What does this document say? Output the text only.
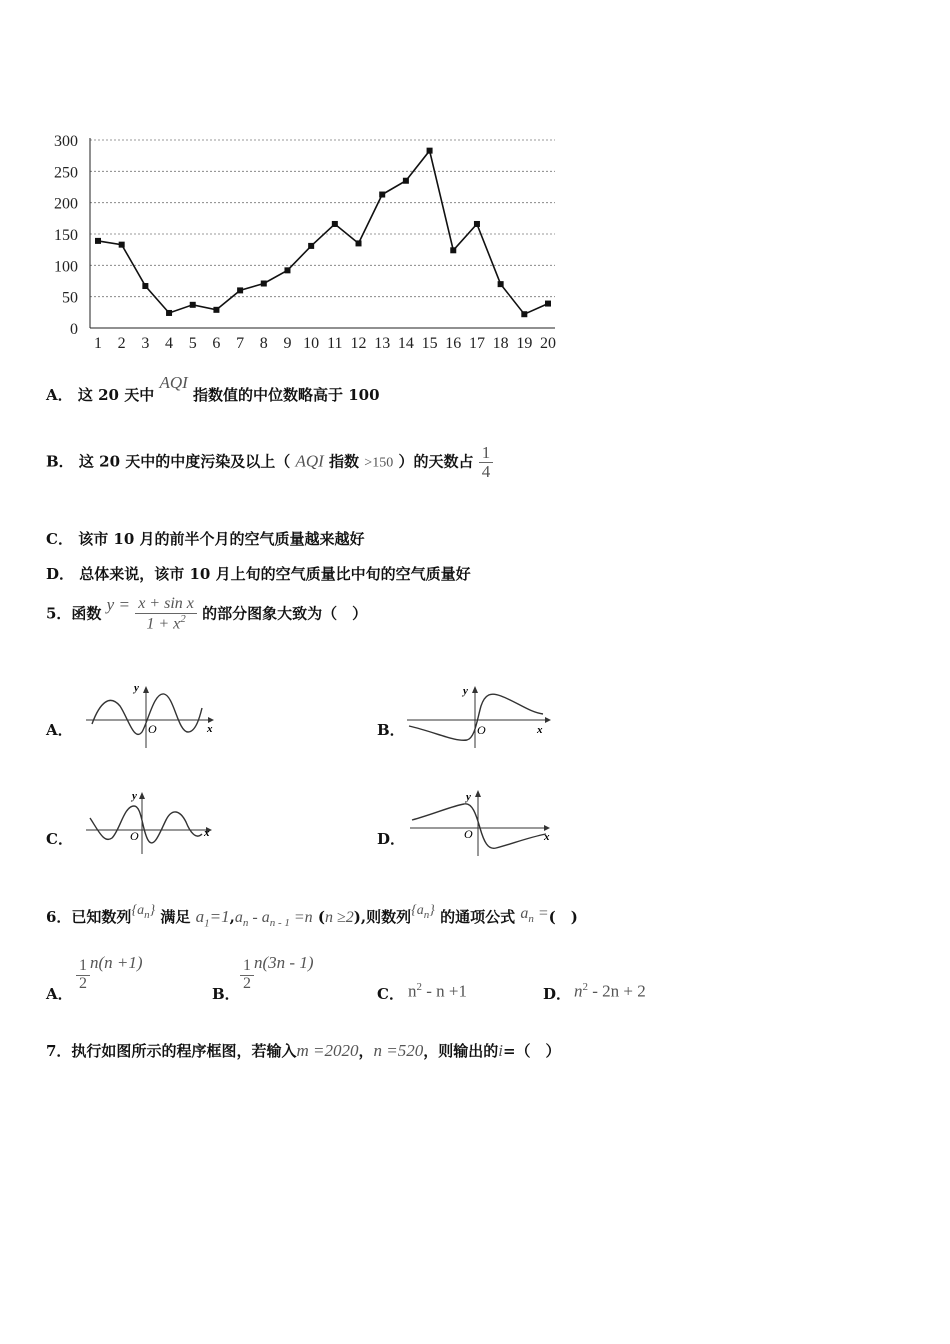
0
50
100
150
200
250
300
1 2 3 4 5 6 7 8 9 10 11 12 13 14 15 16 17 18 19 20
A． 这 20 天中 AQI 指数值的中位数略高于 100
B． 这 20 天中的中度污染及以上（ AQI 指数 >150 ）的天数占 $\frac{1}{4}$
C． 该市 10 月的前半个月的空气质量越来越好
D． 总体来说，该市 10 月上旬的空气质量比中旬的空气质量好
5．函数 $y = \frac{\text{x + sin x}}{1 + x^2}$ 的部分图象大致为（　）
A．
y
O	x	B．
y
O	x
C．
y
O	x	D．
y
O	x
6．已知数列$\{a_n\}$ 满足 $a_1=1,a_n - a_{n - 1} =n$ (n ≥2),则数列$\{a_n\}$ 的通项公式 $a_n$ =(　)
A．
$\frac{1}{2} n(n +1)$
B．
$\frac{1}{2} n(3n - 1)$
C． $n^2 - n +1$	D． $n^2 - 2n + 2$
7．执行如图所示的程序框图，若输入m =2020，n =520，则输出的i=（　）
